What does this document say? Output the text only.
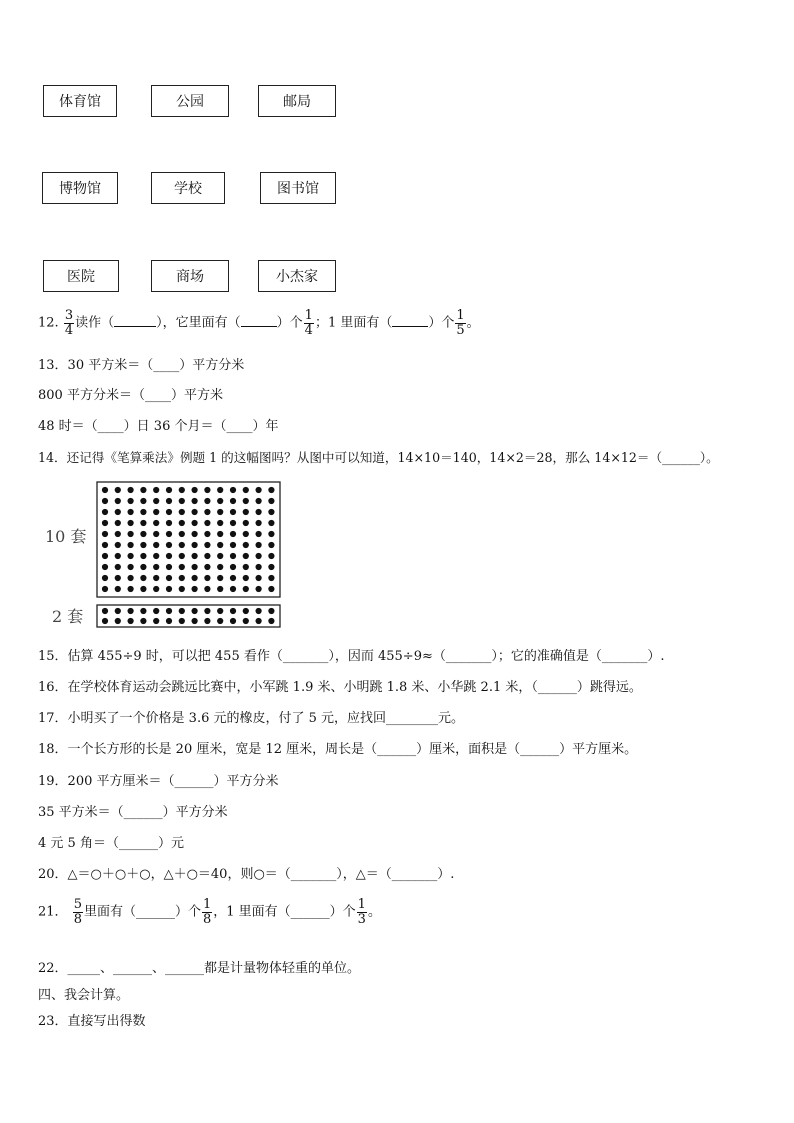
体育馆	公园	邮局
博物馆	学校	图书馆
医院	商场	小杰家
12. $\frac{3}{4}$ 读作（	），它里面有（	）个 $\frac{1}{4}$ ；1 里面有（	）个 $\frac{1}{5}$ 。
13．30 平方米＝（____）平方分米
800 平方分米＝（____）平方米
48 时＝（____）日 36 个月＝（____）年
14．还记得《笔算乘法》例题 1 的这幅图吗？从图中可以知道，14×10＝140，14×2＝28，那么 14×12＝（______）。
10 套
2 套
15．估算 455÷9 时，可以把 455 看作（_______），因而 455÷9≈（_______）；它的准确值是（_______）.
16．在学校体育运动会跳远比赛中，小军跳 1.9 米、小明跳 1.8 米、小华跳 2.1 米，（______）跳得远。
17．小明买了一个价格是 3.6 元的橡皮，付了 5 元，应找回________元。
18．一个长方形的长是 20 厘米，宽是 12 厘米，周长是（______）厘米，面积是（______）平方厘米。
19．200 平方厘米＝（______）平方分米
35 平方米＝（______）平方分米
4 元 5 角＝（______）元
20．△＝○＋○＋○，△＋○＝40，则○＝（_______），△＝（_______）.
21． $\frac{5}{8}$ 里面有（______）个 $\frac{1}{8}$ ，1 里面有（______）个 $\frac{1}{3}$ 。
22．_____、______、______都是计量物体轻重的单位。
四、我会计算。
23．直接写出得数
